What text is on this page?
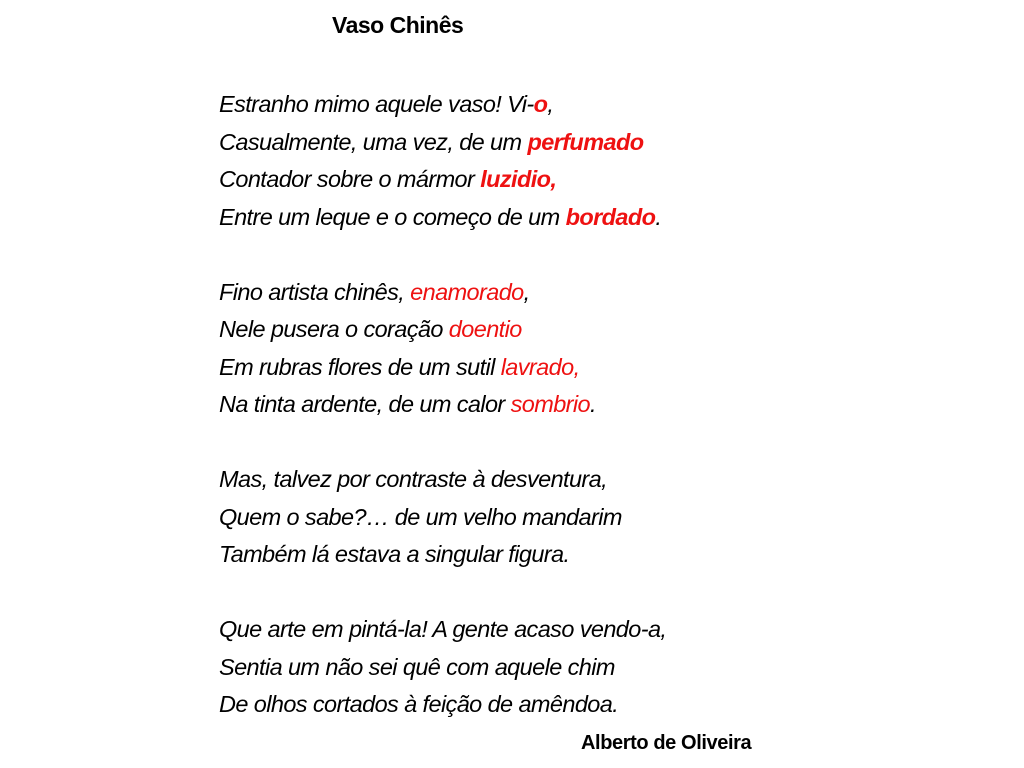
Vaso Chinês
Estranho mimo aquele vaso! Vi-o,
Casualmente, uma vez, de um perfumado
Contador sobre o mármor luzidio,
Entre um leque e o começo de um bordado.
Fino artista chinês, enamorado,
Nele pusera o coração doentio
Em rubras flores de um sutil lavrado,
Na tinta ardente, de um calor sombrio.
Mas, talvez por contraste à desventura,
Quem o sabe?… de um velho mandarim
Também lá estava a singular figura.
Que arte em pintá-la! A gente acaso vendo-a,
Sentia um não sei quê com aquele chim
De olhos cortados à feição de amêndoa.
Alberto de Oliveira
